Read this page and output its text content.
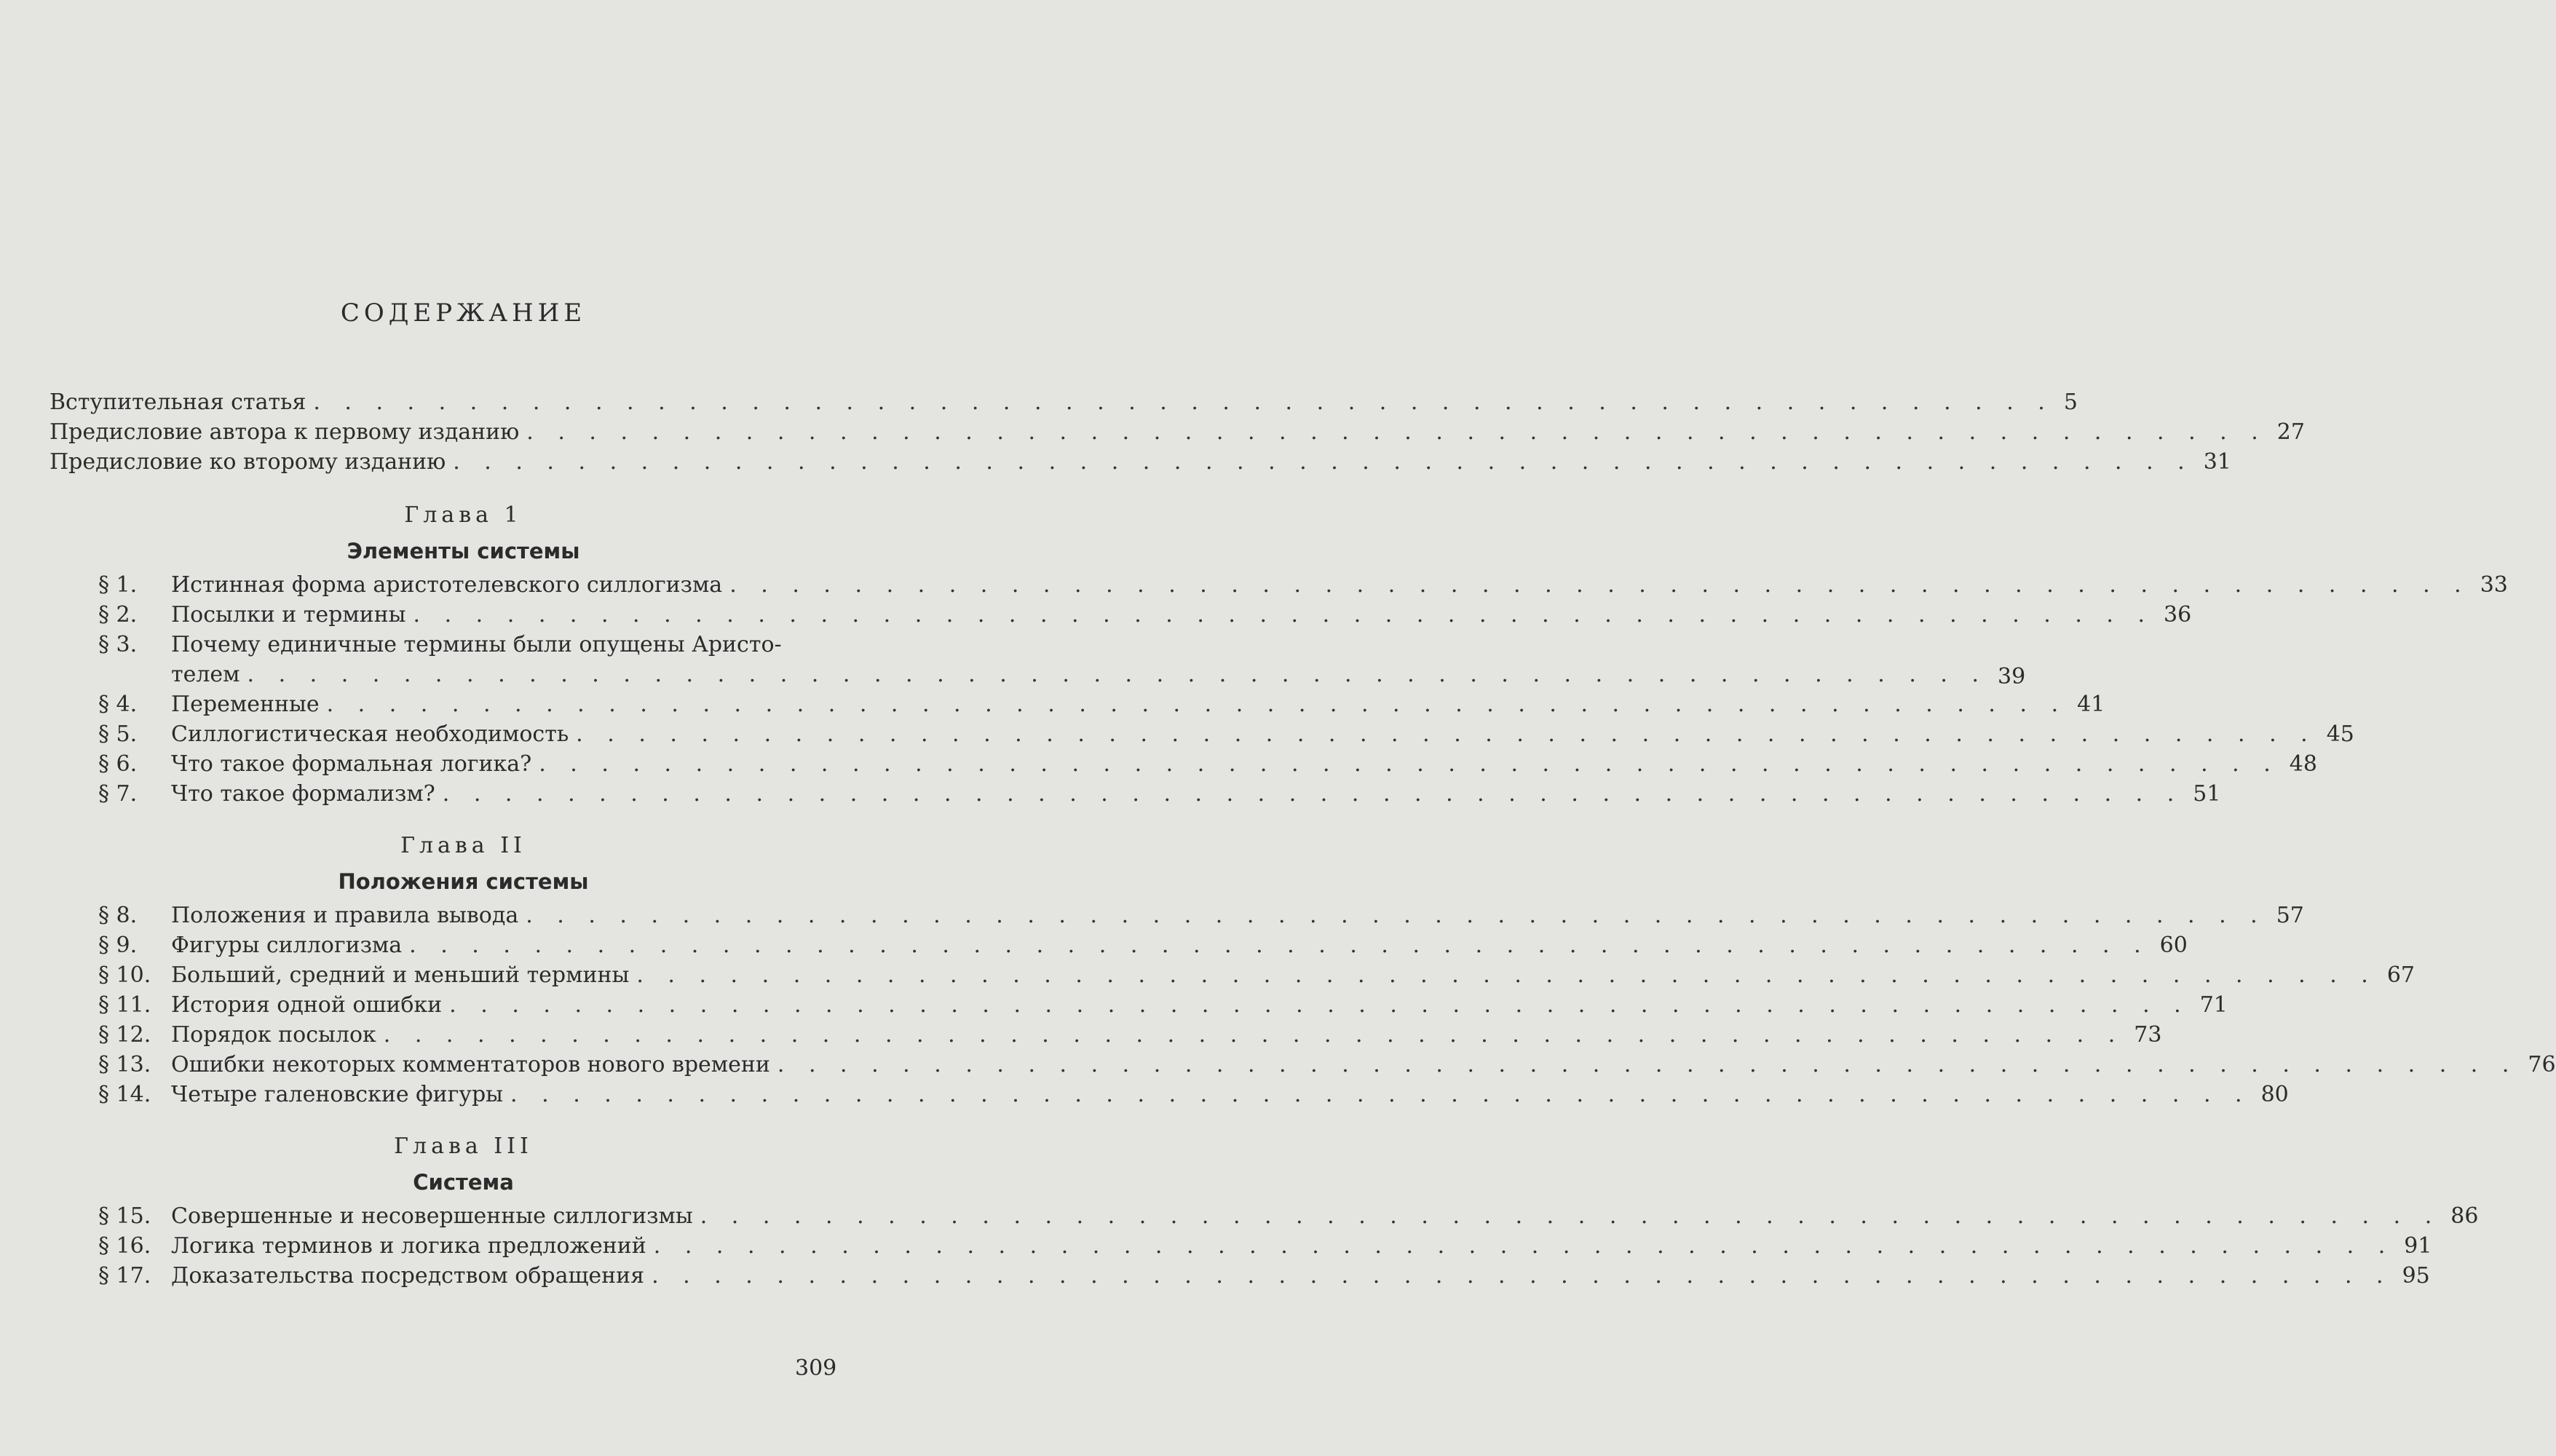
СОДЕРЖАНИЕ
Вступительная статья . . .	5
Предисловие автора к первому изданию . . .	27
Предисловие ко второму изданию . . .	31
Глава 1
Элементы системы
§ 1.	Истинная форма аристотелевского силлогизма . . .	33
§ 2.	Посылки и термины . . .	36
§ 3.	Почему единичные термины были опущены Аристо-
телем . . .	39
§ 4.	Переменные . . .	41
§ 5.	Силлогистическая необходимость . . .	45
§ 6.	Что такое формальная логика? . . .	48
§ 7.	Что такое формализм? . . .	51
Глава II
Положения системы
§ 8.	Положения и правила вывода . . .	57
§ 9.	Фигуры силлогизма . . .	60
§ 10. Больший, средний и меньший термины . . .	67
§ 11. История одной ошибки . . .	71
§ 12. Порядок посылок . . .	73
§ 13. Ошибки некоторых комментаторов нового времени . . .	76
§ 14. Четыре галеновские фигуры . . .	80
Глава III
Система
§ 15. Совершенные и несовершенные силлогизмы . . .	86
§ 16. Логика терминов и логика предложений . . .	91
§ 17. Доказательства посредством обращения . . .	95
309
